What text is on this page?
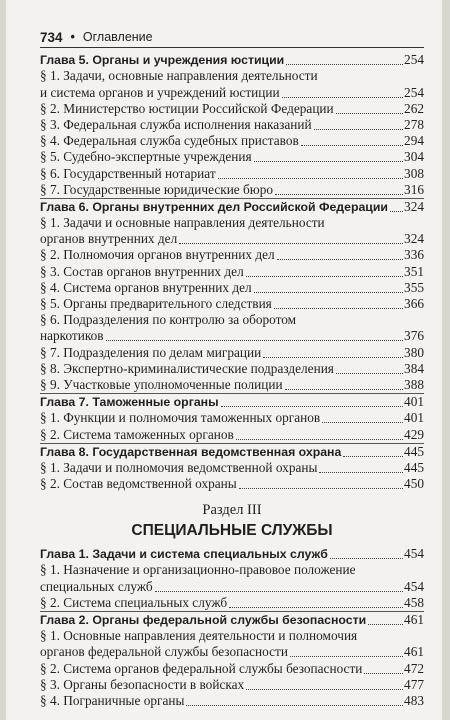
734 • Оглавление
Глава 5. Органы и учреждения юстиции	254
§ 1. Задачи, основные направления деятельности
и система органов и учреждений юстиции	254
§ 2. Министерство юстиции Российской Федерации	262
§ 3. Федеральная служба исполнения наказаний	278
§ 4. Федеральная служба судебных приставов	294
§ 5. Судебно-экспертные учреждения	304
§ 6. Государственный нотариат	308
§ 7. Государственные юридические бюро	316
Глава 6. Органы внутренних дел Российской Федерации 324
§ 1. Задачи и основные направления деятельности
органов внутренних дел	324
§ 2. Полномочия органов внутренних дел	336
§ 3. Состав органов внутренних дел	351
§ 4. Система органов внутренних дел	355
§ 5. Органы предварительного следствия	366
§ 6. Подразделения по контролю за оборотом
наркотиков	376
§ 7. Подразделения по делам миграции	380
§ 8. Экспертно-криминалистические подразделения	384
§ 9. Участковые уполномоченные полиции	388
Глава 7. Таможенные органы	401
§ 1. Функции и полномочия таможенных органов	401
§ 2. Система таможенных органов	429
Глава 8. Государственная ведомственная охрана	445
§ 1. Задачи и полномочия ведомственной охраны	445
§ 2. Состав ведомственной охраны	450
Раздел III
СПЕЦИАЛЬНЫЕ СЛУЖБЫ
Глава 1. Задачи и система специальных служб	454
§ 1. Назначение и организационно-правовое положение
специальных служб	454
§ 2. Система специальных служб	458
Глава 2. Органы федеральной службы безопасности	461
§ 1. Основные направления деятельности и полномочия
органов федеральной службы безопасности	461
§ 2. Система органов федеральной службы безопасности	472
§ 3. Органы безопасности в войсках	477
§ 4. Пограничные органы	483
